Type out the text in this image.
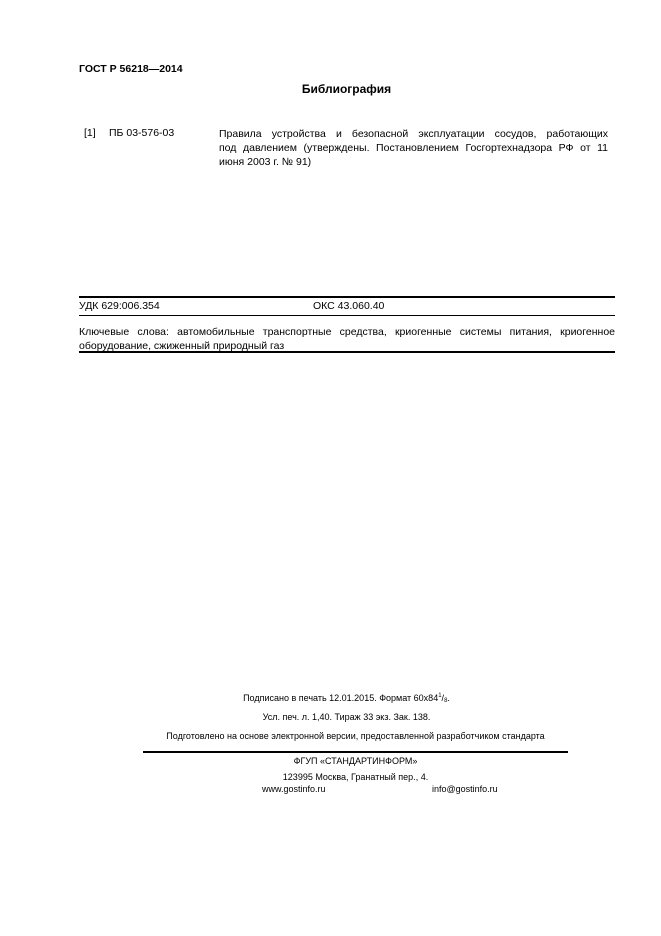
ГОСТ Р 56218—2014
Библиография
[1] ПБ 03-576-03	Правила устройства и безопасной эксплуатации сосудов, работающих
под давлением (утверждены. Постановлением Госгортехнадзора РФ от 11
июня 2003 г. № 91)
УДК 629:006.354	ОКС 43.060.40
Ключевые слова: автомобильные транспортные средства, криогенные системы питания, криогенное
оборудование, сжиженный природный газ
Подписано в печать 12.01.2015. Формат $60x84^1/_8$.
Усл. печ. л. 1,40. Тираж 33 экз. Зак. 138.
Подготовлено на основе электронной версии, предоставленной разработчиком стандарта
ФГУП «СТАНДАРТИНФОРМ»
123995 Москва, Гранатный пер., 4.
www.gostinfo.ru	info@gostinfo.ru
